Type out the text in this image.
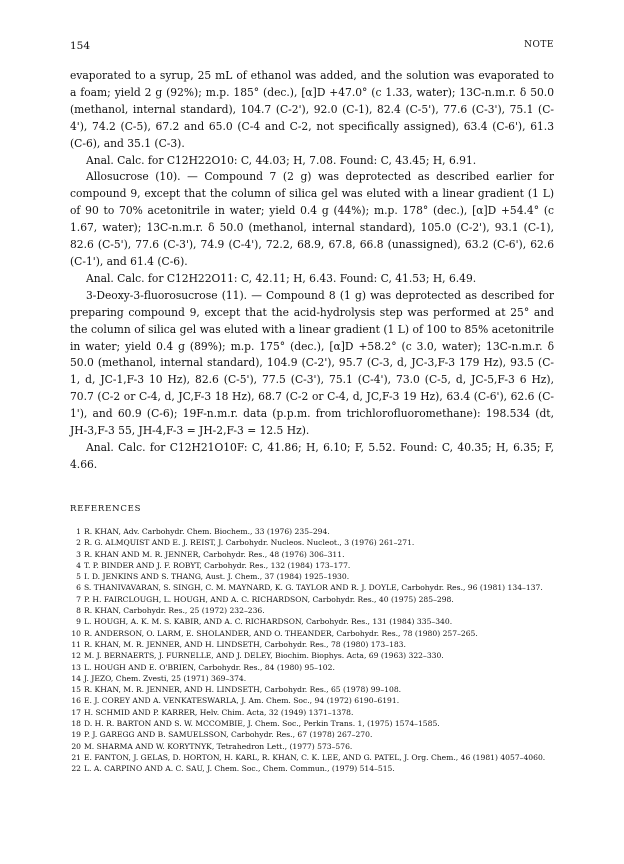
154	NOTE

evaporated to a syrup, 25 mL of ethanol was added, and the solution was evaporated to a foam; yield 2 g (92%); m.p. 185° (dec.), [α]D +47.0° (c 1.33, water); 13C-n.m.r. δ 50.0 (methanol, internal standard), 104.7 (C-2'), 92.0 (C-1), 82.4 (C-5'), 77.6 (C-3'), 75.1 (C-4'), 74.2 (C-5), 67.2 and 65.0 (C-4 and C-2, not specifically assigned), 63.4 (C-6'), 61.3 (C-6), and 35.1 (C-3).

Anal. Calc. for C12H22O10: C, 44.03; H, 7.08. Found: C, 43.45; H, 6.91.

Allosucrose (10). — Compound 7 (2 g) was deprotected as described earlier for compound 9, except that the column of silica gel was eluted with a linear gradient (1 L) of 90 to 70% acetonitrile in water; yield 0.4 g (44%); m.p. 178° (dec.), [α]D +54.4° (c 1.67, water); 13C-n.m.r. δ 50.0 (methanol, internal standard), 105.0 (C-2'), 93.1 (C-1), 82.6 (C-5'), 77.6 (C-3'), 74.9 (C-4'), 72.2, 68.9, 67.8, 66.8 (unassigned), 63.2 (C-6'), 62.6 (C-1'), and 61.4 (C-6).

Anal. Calc. for C12H22O11: C, 42.11; H, 6.43. Found: C, 41.53; H, 6.49.

3-Deoxy-3-fluorosucrose (11). — Compound 8 (1 g) was deprotected as described for preparing compound 9, except that the acid-hydrolysis step was performed at 25° and the column of silica gel was eluted with a linear gradient (1 L) of 100 to 85% acetonitrile in water; yield 0.4 g (89%); m.p. 175° (dec.), [α]D +58.2° (c 3.0, water); 13C-n.m.r. δ 50.0 (methanol, internal standard), 104.9 (C-2'), 95.7 (C-3, d, JC-3,F-3 179 Hz), 93.5 (C-1, d, JC-1,F-3 10 Hz), 82.6 (C-5'), 77.5 (C-3'), 75.1 (C-4'), 73.0 (C-5, d, JC-5,F-3 6 Hz), 70.7 (C-2 or C-4, d, JC,F-3 18 Hz), 68.7 (C-2 or C-4, d, JC,F-3 19 Hz), 63.4 (C-6'), 62.6 (C-1'), and 60.9 (C-6); 19F-n.m.r. data (p.p.m. from trichlorofluoromethane): 198.534 (dt, JH-3,F-3 55, JH-4,F-3 = JH-2,F-3 = 12.5 Hz).

Anal. Calc. for C12H21O10F: C, 41.86; H, 6.10; F, 5.52. Found: C, 40.35; H, 6.35; F, 4.66.

REFERENCES
1 R. KHAN, Adv. Carbohydr. Chem. Biochem., 33 (1976) 235–294.
2 R. G. ALMQUIST AND E. J. REIST, J. Carbohydr. Nucleos. Nucleot., 3 (1976) 261–271.
3 R. KHAN AND M. R. JENNER, Carbohydr. Res., 48 (1976) 306–311.
4 T. P. BINDER AND J. F. ROBYT, Carbohydr. Res., 132 (1984) 173–177.
5 I. D. JENKINS AND S. THANG, Aust. J. Chem., 37 (1984) 1925–1930.
6 S. THANIVAVARAN, S. SINGH, C. M. MAYNARD, K. G. TAYLOR AND R. J. DOYLE, Carbohydr. Res., 96 (1981) 134–137.
7 P. H. FAIRCLOUGH, L. HOUGH, AND A. C. RICHARDSON, Carbohydr. Res., 40 (1975) 285–298.
8 R. KHAN, Carbohydr. Res., 25 (1972) 232–236.
9 L. HOUGH, A. K. M. S. KABIR, AND A. C. RICHARDSON, Carbohydr. Res., 131 (1984) 335–340.
10 R. ANDERSON, O. LARM, E. SHOLANDER, AND O. THEANDER, Carbohydr. Res., 78 (1980) 257–265.
11 R. KHAN, M. R. JENNER, AND H. LINDSETH, Carbohydr. Res., 78 (1980) 173–183.
12 M. J. BERNAERTS, J. FURNELLE, AND J. DELEY, Biochim. Biophys. Acta, 69 (1963) 322–330.
13 L. HOUGH AND E. O'BRIEN, Carbohydr. Res., 84 (1980) 95–102.
14 J. JEZO, Chem. Zvesti, 25 (1971) 369–374.
15 R. KHAN, M. R. JENNER, AND H. LINDSETH, Carbohydr. Res., 65 (1978) 99–108.
16 E. J. COREY AND A. VENKATESWARLA, J. Am. Chem. Soc., 94 (1972) 6190–6191.
17 H. SCHMID AND P. KARRER, Helv. Chim. Acta, 32 (1949) 1371–1378.
18 D. H. R. BARTON AND S. W. MCCOMBIE, J. Chem. Soc., Perkin Trans. 1, (1975) 1574–1585.
19 P. J. GAREGG AND B. SAMUELSSON, Carbohydr. Res., 67 (1978) 267–270.
20 M. SHARMA AND W. KORYTNYK, Tetrahedron Lett., (1977) 573–576.
21 E. FANTON, J. GELAS, D. HORTON, H. KARL, R. KHAN, C. K. LEE, AND G. PATEL, J. Org. Chem., 46 (1981) 4057–4060.
22 L. A. CARPINO AND A. C. SAU, J. Chem. Soc., Chem. Commun., (1979) 514–515.
